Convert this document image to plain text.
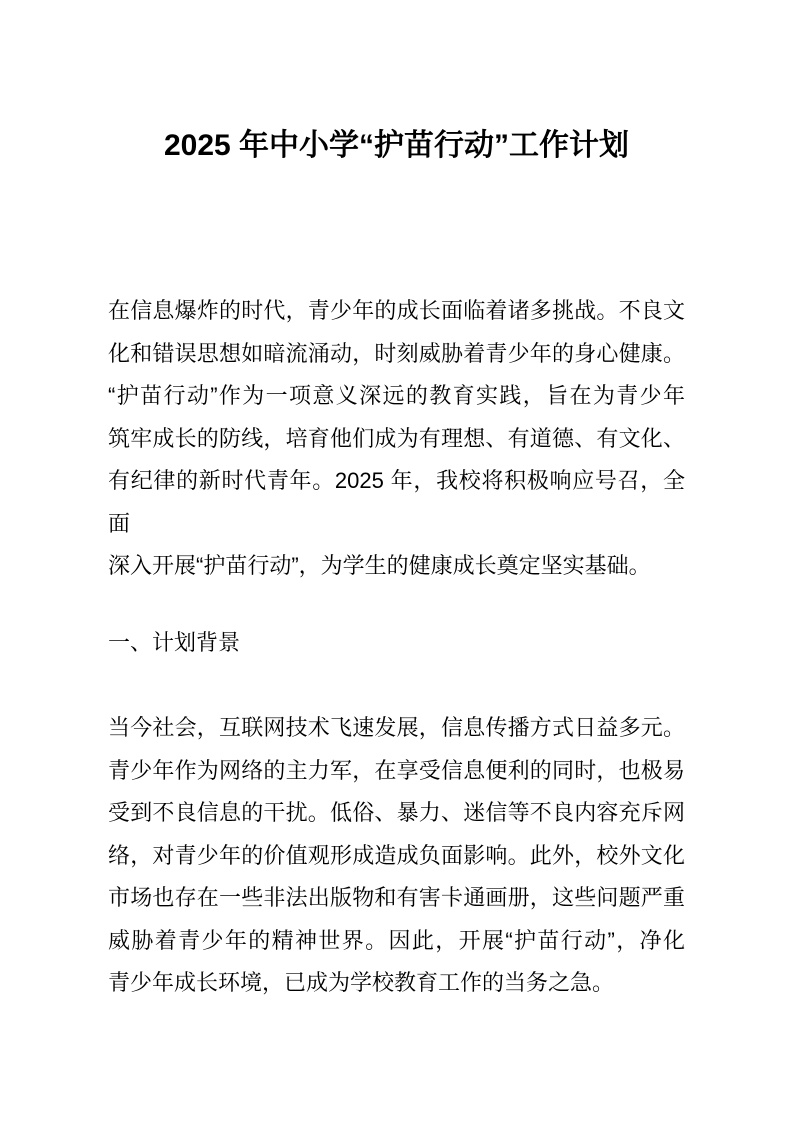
2025 年中小学“护苗行动”工作计划
在信息爆炸的时代，青少年的成长面临着诸多挑战。不良文
化和错误思想如暗流涌动，时刻威胁着青少年的身心健康。
“护苗行动”作为一项意义深远的教育实践，旨在为青少年
筑牢成长的防线，培育他们成为有理想、有道德、有文化、
有纪律的新时代青年。2025 年，我校将积极响应号召，全面
深入开展“护苗行动”，为学生的健康成长奠定坚实基础。
一、计划背景
当今社会，互联网技术飞速发展，信息传播方式日益多元。
青少年作为网络的主力军，在享受信息便利的同时，也极易
受到不良信息的干扰。低俗、暴力、迷信等不良内容充斥网
络，对青少年的价值观形成造成负面影响。此外，校外文化
市场也存在一些非法出版物和有害卡通画册，这些问题严重
威胁着青少年的精神世界。因此，开展“护苗行动”，净化
青少年成长环境，已成为学校教育工作的当务之急。
